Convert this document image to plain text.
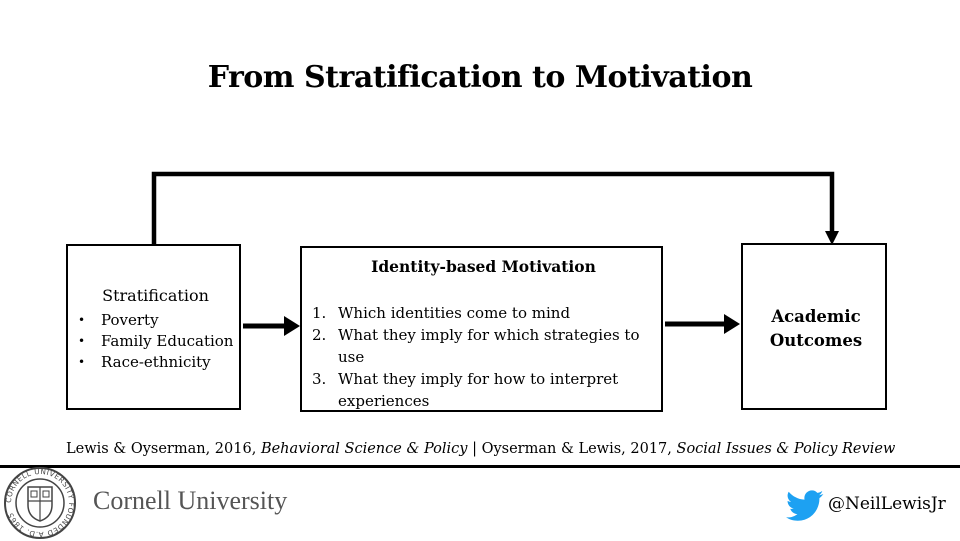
From Stratification to Motivation
Stratification
• Poverty
• Family Education
• Race-ethnicity
Identity-based Motivation
1. Which identities come to mind
2. What they imply for which strategies to use
3. What they imply for how to interpret experiences
Academic
Outcomes
Lewis & Oyserman, 2016, Behavioral Science & Policy | Oyserman & Lewis, 2017, Social Issues & Policy Review
CORNELL UNIVERSITY FOUNDED A.D. 1865
Cornell University	@NeilLewisJr
